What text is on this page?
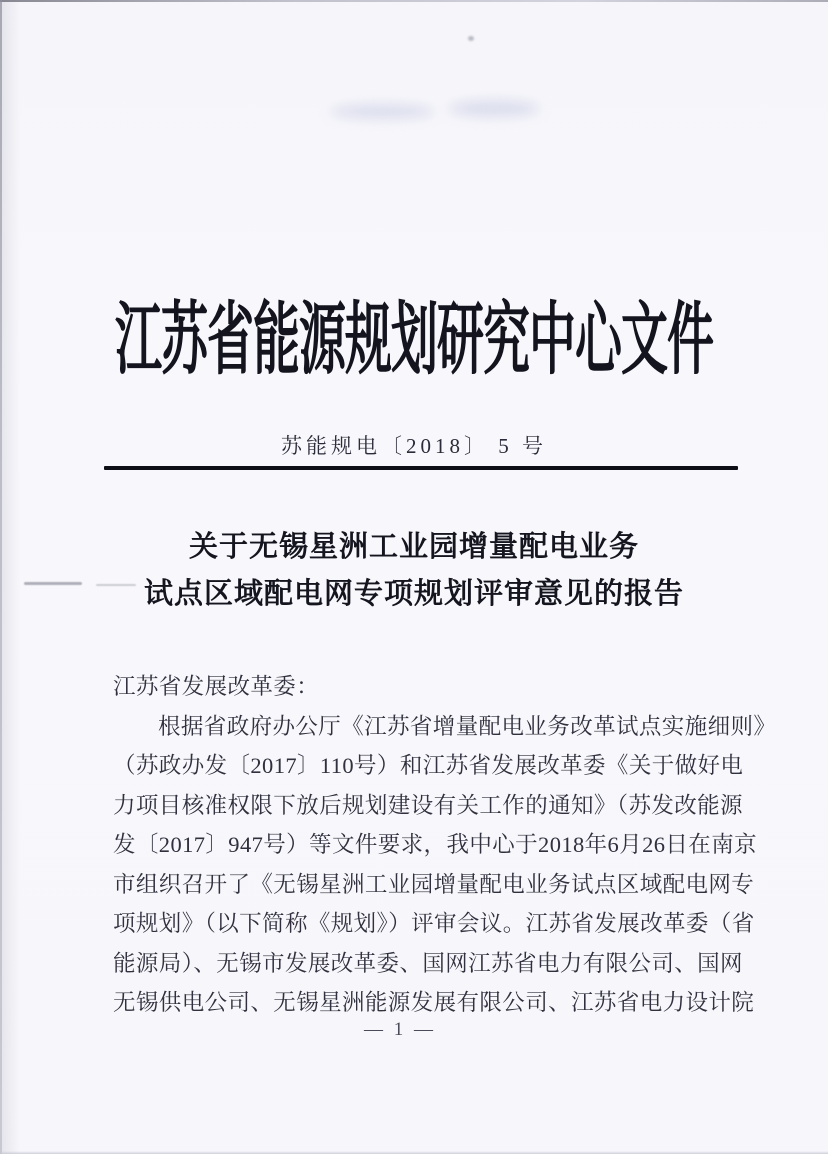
江苏省能源规划研究中心文件
苏能规电〔2018〕 5 号
关于无锡星洲工业园增量配电业务
试点区域配电网专项规划评审意见的报告
江苏省发展改革委：
根据省政府办公厅《江苏省增量配电业务改革试点实施细则》
（苏政办发〔2017〕110号）和江苏省发展改革委《关于做好电
力项目核准权限下放后规划建设有关工作的通知》（苏发改能源
发〔2017〕947号）等文件要求，我中心于2018年6月26日在南京
市组织召开了《无锡星洲工业园增量配电业务试点区域配电网专
项规划》（以下简称《规划》）评审会议。江苏省发展改革委（省
能源局）、无锡市发展改革委、国网江苏省电力有限公司、国网
无锡供电公司、无锡星洲能源发展有限公司、江苏省电力设计院
— 1 —
